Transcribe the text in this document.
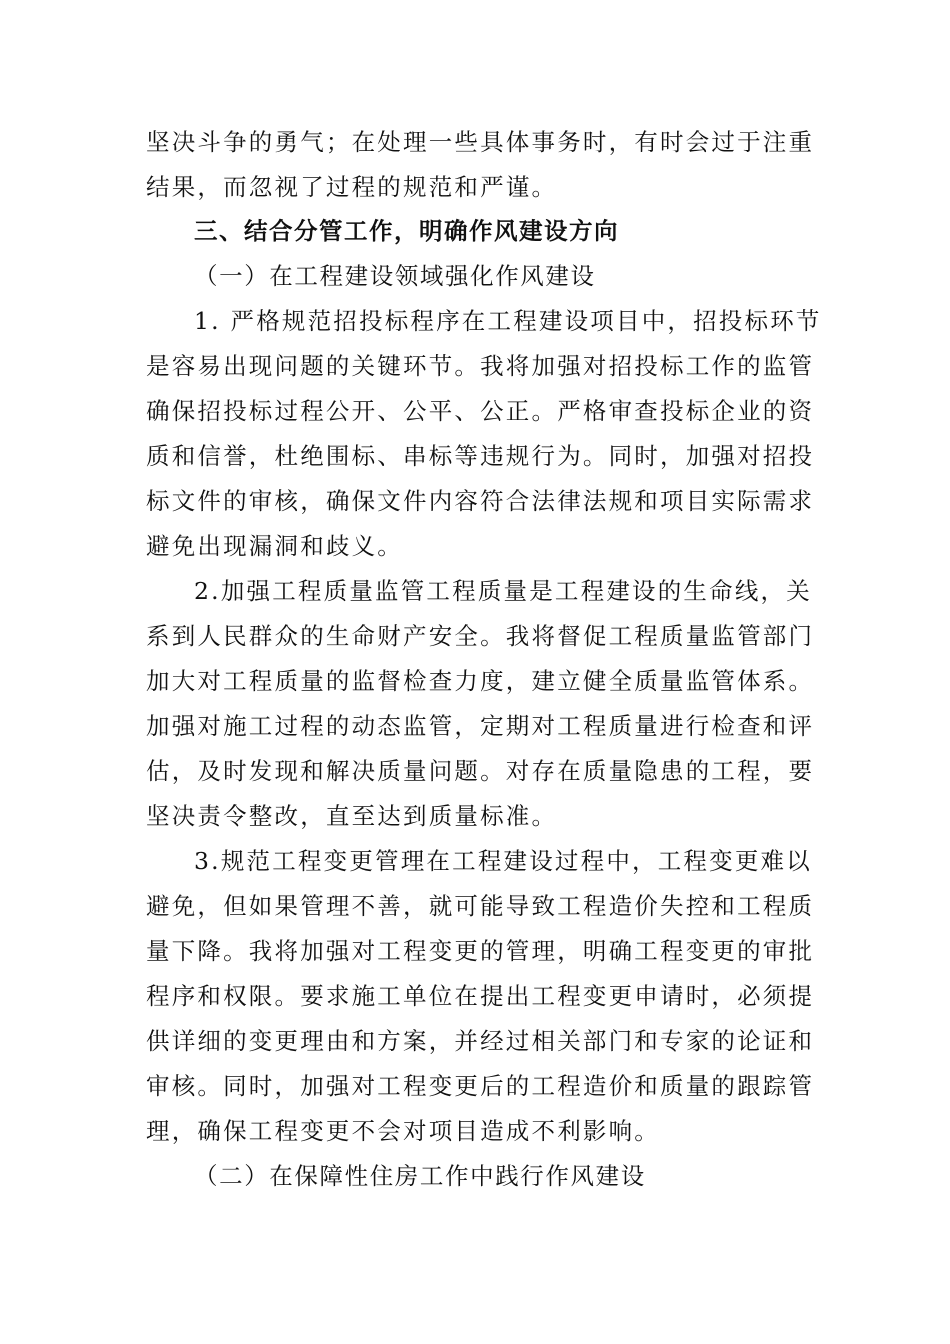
坚决斗争的勇气；在处理一些具体事务时，有时会过于注重
结果，而忽视了过程的规范和严谨。
三、结合分管工作，明确作风建设方向
（一）在工程建设领域强化作风建设
1. 严格规范招投标程序在工程建设项目中，招投标环节
是容易出现问题的关键环节。我将加强对招投标工作的监管
确保招投标过程公开、公平、公正。严格审查投标企业的资
质和信誉，杜绝围标、串标等违规行为。同时，加强对招投
标文件的审核，确保文件内容符合法律法规和项目实际需求
避免出现漏洞和歧义。
2.加强工程质量监管工程质量是工程建设的生命线，关
系到人民群众的生命财产安全。我将督促工程质量监管部门
加大对工程质量的监督检查力度，建立健全质量监管体系。
加强对施工过程的动态监管，定期对工程质量进行检查和评
估，及时发现和解决质量问题。对存在质量隐患的工程，要
坚决责令整改，直至达到质量标准。
3.规范工程变更管理在工程建设过程中，工程变更难以
避免，但如果管理不善，就可能导致工程造价失控和工程质
量下降。我将加强对工程变更的管理，明确工程变更的审批
程序和权限。要求施工单位在提出工程变更申请时，必须提
供详细的变更理由和方案，并经过相关部门和专家的论证和
审核。同时，加强对工程变更后的工程造价和质量的跟踪管
理，确保工程变更不会对项目造成不利影响。
（二）在保障性住房工作中践行作风建设
